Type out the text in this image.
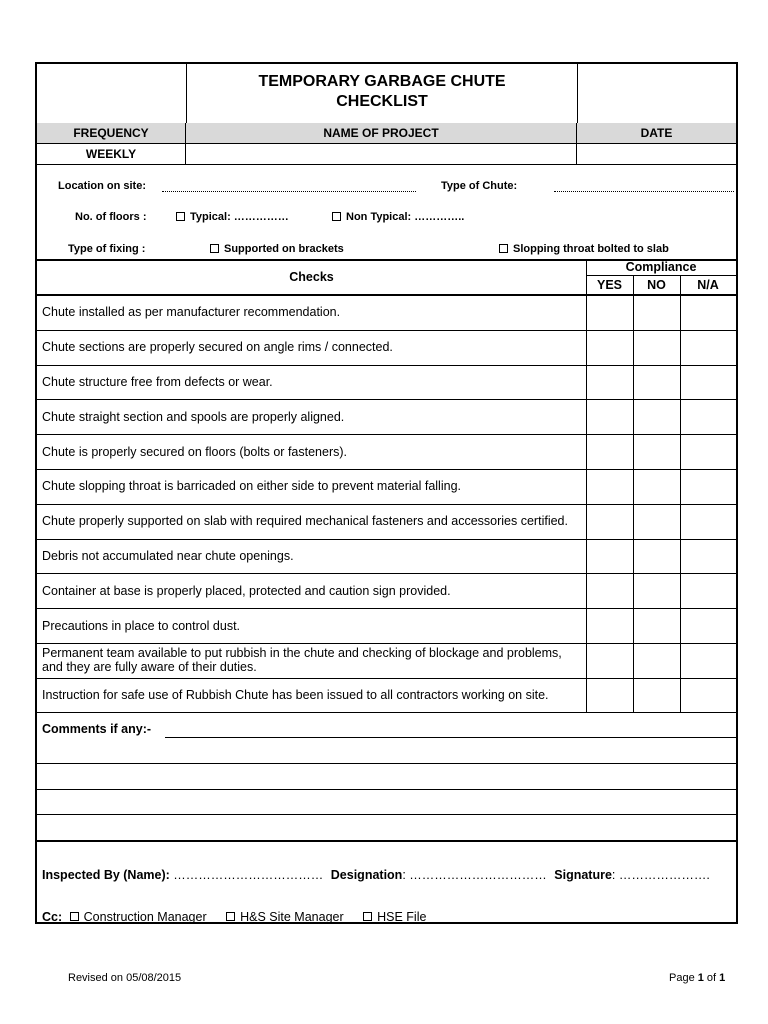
TEMPORARY GARBAGE CHUTE
CHECKLIST
FREQUENCY	NAME OF PROJECT	DATE
WEEKLY
Location on site:	Type of Chute:
No. of floors :	Typical: ……………	Non Typical: …………..
Type of fixing :	Supported on brackets	Slopping throat bolted to slab
Checks
Compliance
YES	NO	N/A
Chute installed as per manufacturer recommendation.
Chute sections are properly secured on angle rims / connected.
Chute structure free from defects or wear.
Chute straight section and spools are properly aligned.
Chute is properly secured on floors (bolts or fasteners).
Chute slopping throat is barricaded on either side to prevent material falling.
Chute properly supported on slab with required mechanical fasteners and accessories certified.
Debris not accumulated near chute openings.
Container at base is properly placed, protected and caution sign provided.
Precautions in place to control dust.
Permanent team available to put rubbish in the chute and checking of blockage and problems, and they are fully aware of their duties.
Instruction for safe use of Rubbish Chute has been issued to all contractors working on site.
Comments if any:-
Inspected By (Name): ……………………………… Designation: …………………………… Signature: ………………….
Cc: Construction Manager	H&S Site Manager	HSE File
Revised on 05/08/2015	Page 1 of 1
